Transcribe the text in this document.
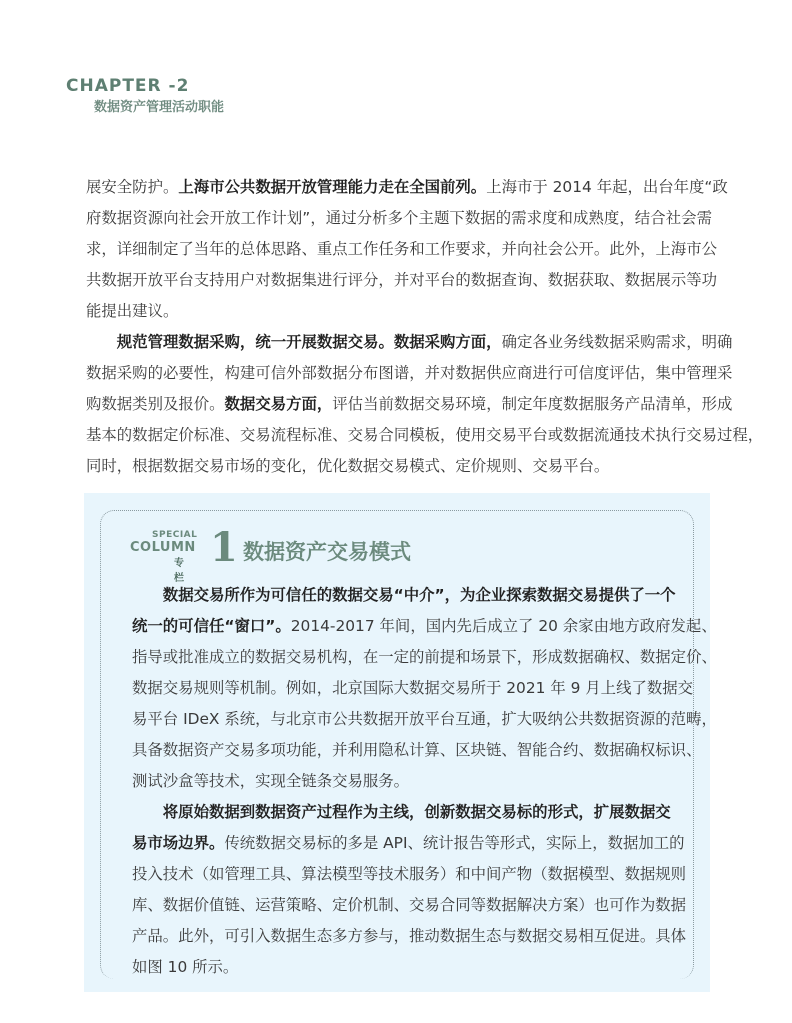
CHAPTER -2
数据资产管理活动职能
展安全防护。上海市公共数据开放管理能力走在全国前列。上海市于 2014 年起，出台年度“政
府数据资源向社会开放工作计划”，通过分析多个主题下数据的需求度和成熟度，结合社会需
求，详细制定了当年的总体思路、重点工作任务和工作要求，并向社会公开。此外，上海市公
共数据开放平台支持用户对数据集进行评分，并对平台的数据查询、数据获取、数据展示等功
能提出建议。
　　规范管理数据采购，统一开展数据交易。数据采购方面，确定各业务线数据采购需求，明确
数据采购的必要性，构建可信外部数据分布图谱，并对数据供应商进行可信度评估，集中管理采
购数据类别及报价。数据交易方面，评估当前数据交易环境，制定年度数据服务产品清单，形成
基本的数据定价标准、交易流程标准、交易合同模板，使用交易平台或数据流通技术执行交易过程，
同时，根据数据交易市场的变化，优化数据交易模式、定价规则、交易平台。
SPECIAL
COLUMN
专栏
1 数据资产交易模式
　　数据交易所作为可信任的数据交易“中介”，为企业探索数据交易提供了一个
统一的可信任“窗口”。2014-2017 年间，国内先后成立了 20 余家由地方政府发起、
指导或批准成立的数据交易机构，在一定的前提和场景下，形成数据确权、数据定价、
数据交易规则等机制。例如，北京国际大数据交易所于 2021 年 9 月上线了数据交
易平台 IDeX 系统，与北京市公共数据开放平台互通，扩大吸纳公共数据资源的范畴，
具备数据资产交易多项功能，并利用隐私计算、区块链、智能合约、数据确权标识、
测试沙盒等技术，实现全链条交易服务。
　　将原始数据到数据资产过程作为主线，创新数据交易标的形式，扩展数据交
易市场边界。传统数据交易标的多是 API、统计报告等形式，实际上，数据加工的
投入技术（如管理工具、算法模型等技术服务）和中间产物（数据模型、数据规则
库、数据价值链、运营策略、定价机制、交易合同等数据解决方案）也可作为数据
产品。此外，可引入数据生态多方参与，推动数据生态与数据交易相互促进。具体
如图 10 所示。
